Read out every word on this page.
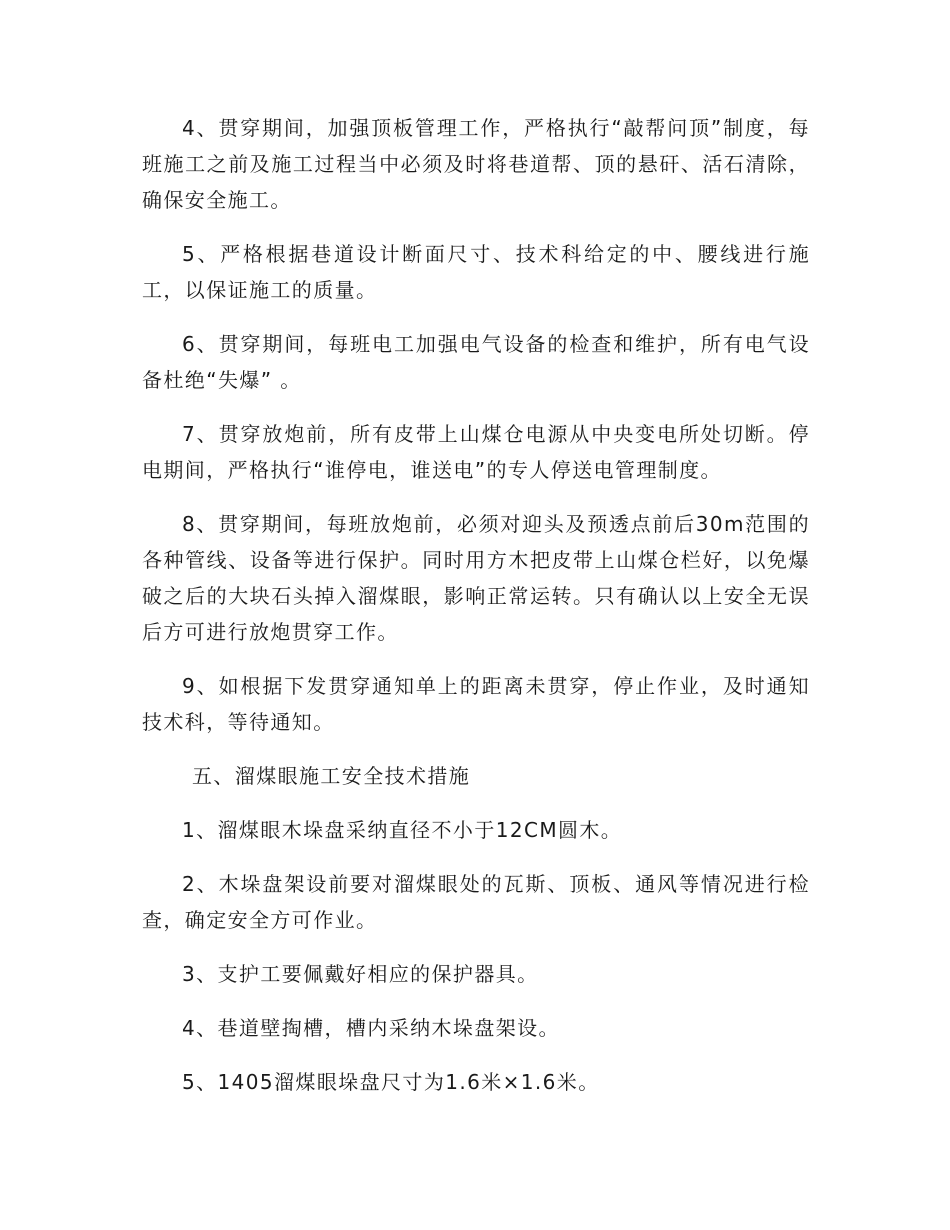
4、贯穿期间，加强顶板管理工作，严格执行“敲帮问顶”制度，每班施工之前及施工过程当中必须及时将巷道帮、顶的悬矸、活石清除，确保安全施工。

5、严格根据巷道设计断面尺寸、技术科给定的中、腰线进行施工，以保证施工的质量。

6、贯穿期间，每班电工加强电气设备的检查和维护，所有电气设备杜绝“失爆” 。

7、贯穿放炮前，所有皮带上山煤仓电源从中央变电所处切断。停电期间，严格执行“谁停电，谁送电”的专人停送电管理制度。

8、贯穿期间，每班放炮前，必须对迎头及预透点前后30m范围的各种管线、设备等进行保护。同时用方木把皮带上山煤仓栏好，以免爆破之后的大块石头掉入溜煤眼，影响正常运转。只有确认以上安全无误后方可进行放炮贯穿工作。

9、如根据下发贯穿通知单上的距离未贯穿，停止作业，及时通知技术科，等待通知。

五、溜煤眼施工安全技术措施

1、溜煤眼木垛盘采纳直径不小于12CM圆木。

2、木垛盘架设前要对溜煤眼处的瓦斯、顶板、通风等情况进行检查，确定安全方可作业。

3、支护工要佩戴好相应的保护器具。

4、巷道壁掏槽，槽内采纳木垛盘架设。

5、1405溜煤眼垛盘尺寸为1.6米×1.6米。
